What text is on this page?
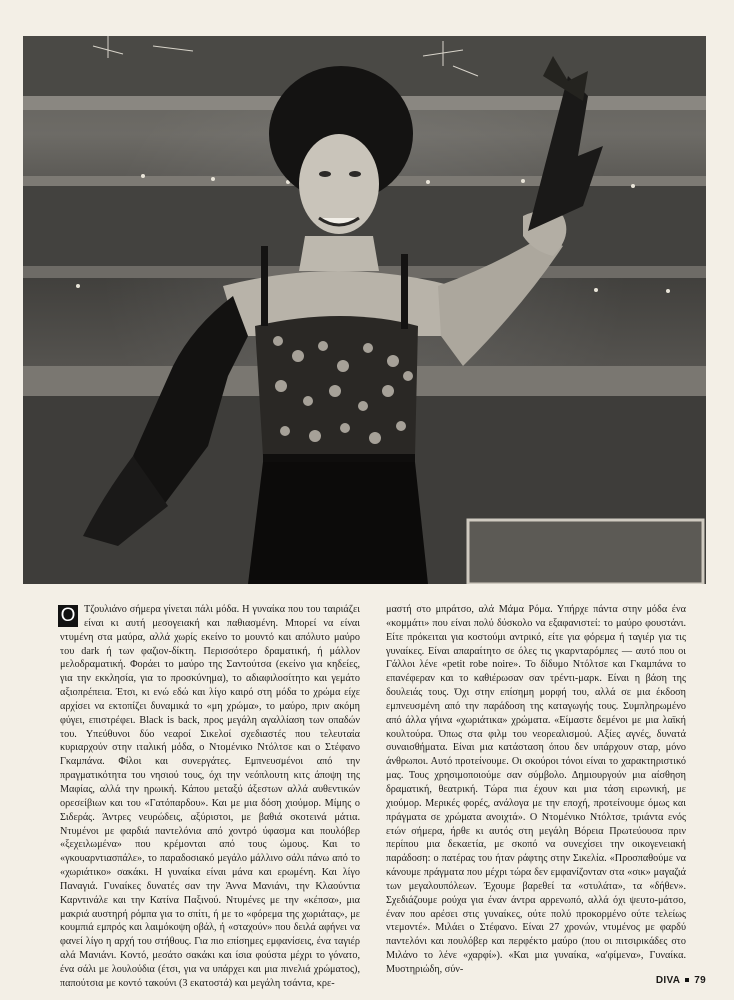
Ο Τζουλιάνο σήμερα γίνεται πάλι μόδα. Η γυναίκα που του ταιριάζει είναι κι αυτή μεσογειακή και παθιασμένη. Μπορεί να είναι ντυμένη στα μαύρα, αλλά χωρίς εκείνο το μουντό και απόλυτο μαύρο του dark ή των φαζιον-δίκτη. Περισσότερο δραματική, ή μάλλον μελοδραματική. Φοράει το μαύρο της Σαντούτσα (εκείνο για κηδείες, για την εκκλησία, για το προσκύνημα), το αδιαφιλοσίτητο και γεμάτο αξιοπρέπεια. Έτσι, κι ενώ εδώ και λίγο καιρό στη μόδα το χρώμα είχε αρχίσει να εκτοπίζει δυναμικά το «μη χρώμα», το μαύρο, πριν ακόμη φύγει, επιστρέφει. Black is back, προς μεγάλη αγαλλίαση των οπαδών του. Υπεύθυνοι δύο νεαροί Σικελοί σχεδιαστές που τελευταία κυριαρχούν στην ιταλική μόδα, ο Ντομένικο Ντόλτσε και ο Στέφανο Γκαμπάνα. Φίλοι και συνεργάτες. Εμπνευσμένοι από την πραγματικότητα του νησιού τους, όχι την νεόπλουτη κιτς άποψη της Μαφίας, αλλά την ηρωική. Κάπου μεταξύ άξεστων αλλά αυθεντικών ορεσείβιων και του «Γατόπαρδου». Και με μια δόση χιούμορ. Μίμης ο Σιδεράς. Άντρες νευρώδεις, αξύριστοι, με βαθιά σκοτεινά μάτια. Ντυμένοι με φαρδιά παντελόνια από χοντρό ύφασμα και πουλόβερ «ξεχειλωμένα» που κρέμονται από τους ώμους. Και το «γκουαρντιασπάλε», το παραδοσιακό μεγάλο μάλλινο σάλι πάνω από το «χωριάτικο» σακάκι. Η γυναίκα είναι μάνα και ερωμένη. Και λίγο Παναγιά. Γυναίκες δυνατές σαν την Άννα Μανιάνι, την Κλαούντια Καρντινάλε και την Κατίνα Παξινού. Ντυμένες με την «κέπσα», μια μακριά αυστηρή ρόμπα για το σπίτι, ή με το «φόρεμα της χωριάτας», με κουμπιά εμπρός και λαιμόκοψη οβάλ, ή «σταχούν» που δειλά αφήνει να φανεί λίγο η αρχή του στήθους. Για πιο επίσημες εμφανίσεις, ένα ταγιέρ αλά Μανιάνι. Κοντό, μεσάτο σακάκι και ίσια φούστα μέχρι το γόνατο, ένα σάλι με λουλούδια (έτσι, για να υπάρχει και μια πινελιά χρώματος), παπούτσια με κοντό τακούνι (3 εκατοστά) και μεγάλη τσάντα, κρε-

μαστή στο μπράτσο, αλά Μάμα Ρόμα. Υπήρχε πάντα στην μόδα ένα «κομμάτι» που είναι πολύ δύσκολο να εξαφανιστεί: το μαύρο φουστάνι. Είτε πρόκειται για κοστούμι αντρικό, είτε για φόρεμα ή ταγιέρ για τις γυναίκες. Είναι απαραίτητο σε όλες τις γκαρνταρόμπες — αυτό που οι Γάλλοι λένε «petit robe noire». Το δίδυμο Ντόλτσε και Γκαμπάνα το επανέφεραν και το καθιέρωσαν σαν τρέντι-μαρκ. Είναι η βάση της δουλειάς τους. Όχι στην επίσημη μορφή του, αλλά σε μια έκδοση εμπνευσμένη από την παράδοση της καταγωγής τους. Συμπληρωμένο από άλλα γήινα «χωριάτικα» χρώματα. «Είμαστε δεμένοι με μια λαϊκή κουλτούρα. Όπως στα φιλμ του νεορεαλισμού. Αξίες αγνές, δυνατά συναισθήματα. Είναι μια κατάσταση όπου δεν υπάρχουν σταρ, μόνο άνθρωποι. Αυτό προτείνουμε. Οι σκούροι τόνοι είναι το χαρακτηριστικό μας. Τους χρησιμοποιούμε σαν σύμβολο. Δημιουργούν μια αίσθηση δραματική, θεατρική. Τώρα πια έχουν και μια τάση ειρωνική, με χιούμορ. Μερικές φορές, ανάλογα με την εποχή, προτείνουμε όμως και πράγματα σε χρώματα ανοιχτά». Ο Ντομένικο Ντόλτσε, τριάντα ενός ετών σήμερα, ήρθε κι αυτός στη μεγάλη Βόρεια Πρωτεύουσα πριν περίπου μια δεκαετία, με σκοπό να συνεχίσει την οικογενειακή παράδοση: ο πατέρας του ήταν ράφτης στην Σικελία. «Προσπαθούμε να κάνουμε πράγματα που μέχρι τώρα δεν εμφανίζονταν στα «σικ» μαγαζιά των μεγαλουπόλεων. Έχουμε βαρεθεί τα «στυλάτα», τα «δήθεν». Σχεδιάζουμε ρούχα για έναν άντρα αρρενωπό, αλλά όχι ψευτο-μάτσο, έναν που αρέσει στις γυναίκες, ούτε πολύ προκορμένο ούτε τελείως ντεμοντέ». Μιλάει ο Στέφανο. Είναι 27 χρονών, ντυμένος με φαρδύ παντελόνι και πουλόβερ και περφέκτο μαύρο (που οι πιτσιρικάδες στο Μιλάνο το λένε «χαρφί»). «Και μια γυναίκα, «α'φίμενα», Γυναίκα. Μυστηριώδη, σύν-

DIVA 79
